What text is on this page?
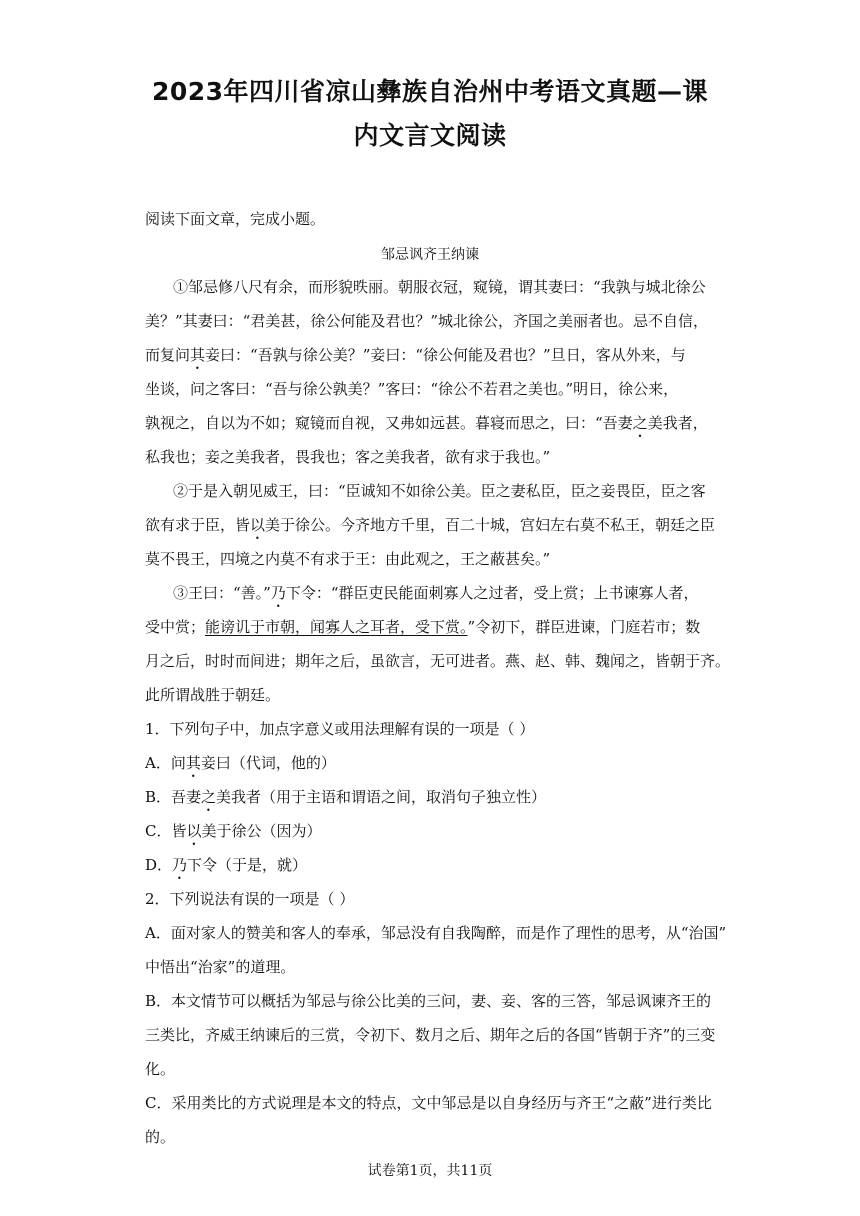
2023年四川省凉山彝族自治州中考语文真题—课
内文言文阅读
阅读下面文章，完成小题。
邹忌讽齐王纳谏
①邹忌修八尺有余，而形貌昳丽。朝服衣冠，窥镜，谓其妻曰：“我孰与城北徐公
美？”其妻曰：“君美甚，徐公何能及君也？”城北徐公，齐国之美丽者也。忌不自信，
而复问其妾曰：“吾孰与徐公美？”妾曰：“徐公何能及君也？”旦日，客从外来，与
坐谈，问之客曰：“吾与徐公孰美？”客曰：“徐公不若君之美也。”明日，徐公来，
孰视之，自以为不如；窥镜而自视，又弗如远甚。暮寝而思之，曰：“吾妻之美我者，
私我也；妾之美我者，畏我也；客之美我者，欲有求于我也。”
②于是入朝见威王，曰：“臣诚知不如徐公美。臣之妻私臣，臣之妾畏臣，臣之客
欲有求于臣，皆以美于徐公。今齐地方千里，百二十城，宫妇左右莫不私王，朝廷之臣
莫不畏王，四境之内莫不有求于王：由此观之，王之蔽甚矣。”
③王曰：“善。”乃下令：“群臣吏民能面刺寡人之过者，受上赏；上书谏寡人者，
受中赏；能谤讥于市朝，闻寡人之耳者，受下赏。”令初下，群臣进谏，门庭若市；数
月之后，时时而间进；期年之后，虽欲言，无可进者。燕、赵、韩、魏闻之，皆朝于齐。
此所谓战胜于朝廷。
1．下列句子中，加点字意义或用法理解有误的一项是（ ）
A．问其妾曰（代词，他的）
B．吾妻之美我者（用于主语和谓语之间，取消句子独立性）
C．皆以美于徐公（因为）
D．乃下令（于是，就）
2．下列说法有误的一项是（ ）
A．面对家人的赞美和客人的奉承，邹忌没有自我陶醉，而是作了理性的思考，从“治国”
中悟出“治家”的道理。
B．本文情节可以概括为邹忌与徐公比美的三问，妻、妾、客的三答，邹忌讽谏齐王的
三类比，齐威王纳谏后的三赏，令初下、数月之后、期年之后的各国“皆朝于齐”的三变
化。
C．采用类比的方式说理是本文的特点，文中邹忌是以自身经历与齐王“之蔽”进行类比
的。
试卷第1页，共11页
